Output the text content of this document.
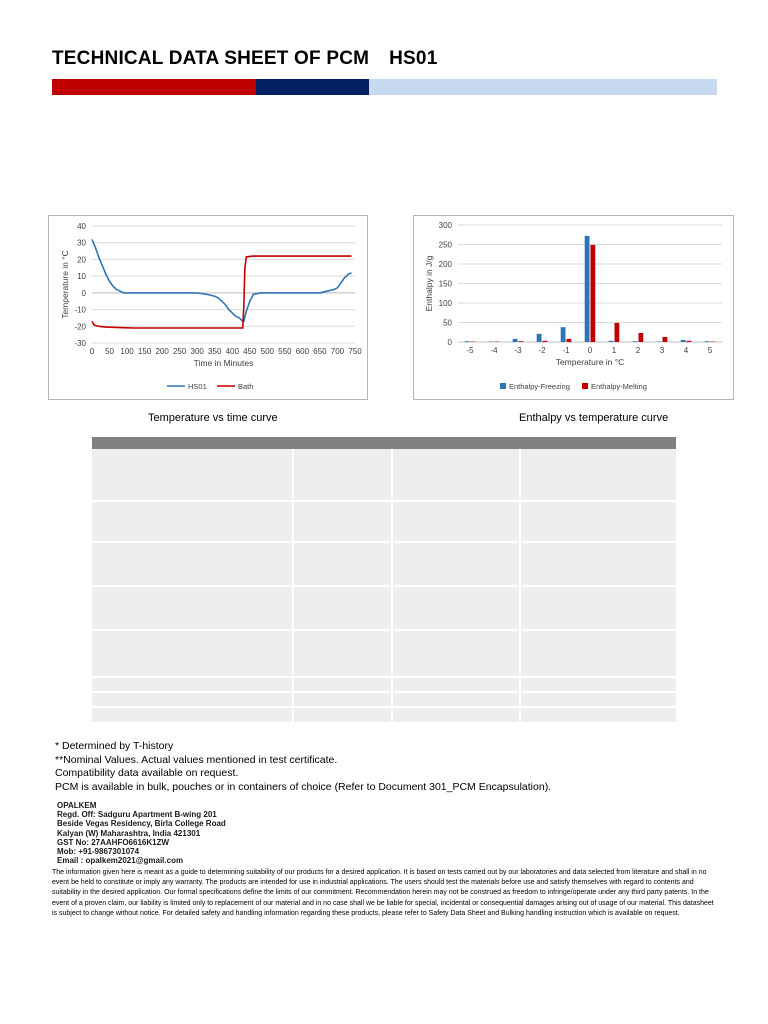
TECHNICAL DATA SHEET OF PCM HS01
-30
-20
-10
0
10
20
30
40
0 50 100 150 200 250 300 350 400 450 500 550 600 650 700 750
Time in Minutes
Temperature in °C
HS01	Bath
0
50
100
150
200
250
300
-5 -4 -3 -2 -1 0 1 2 3 4 5
Temperature in °C
Enthalpy in J/g
Enthalpy-Freezing	Enthalpy-Melting
Temperature vs time curve	Enthalpy vs temperature curve

* Determined by T-history

**Nominal Values. Actual values mentioned in test certificate.

Compatibility data available on request.

PCM is available in bulk, pouches or in containers of choice (Refer to Document 301_PCM Encapsulation).

OPALKEM

Regd. Off: Sadguru Apartment B-wing 201

Beside Vegas Residency, Birla College Road

Kalyan (W) Maharashtra, India 421301

GST No: 27AAHFO6616K1ZW

Mob: +91-9867301074

Email : opalkem2021@gmail.com

The information given here is meant as a guide to determining suitability of our products for a desired application. It is based on tests carried out by our laboratories and data selected from literature and shall in no event be held to constitute or imply any warranty. The products are intended for use in industrial applications. The users should test the materials before use and satisfy themselves with regard to contents and suitability in the desired application. Our formal specifications define the limits of our commitment. Recommendation herein may not be construed as freedom to infringe/operate under any third party patents. In the event of a proven claim, our liability is limited only to replacement of our material and in no case shall we be liable for special, incidental or consequential damages arising out of usage of our material. This datasheet is subject to change without notice. For detailed safety and handling information regarding these products, please refer to Safety Data Sheet and Bulking handling instruction which is available on request.
